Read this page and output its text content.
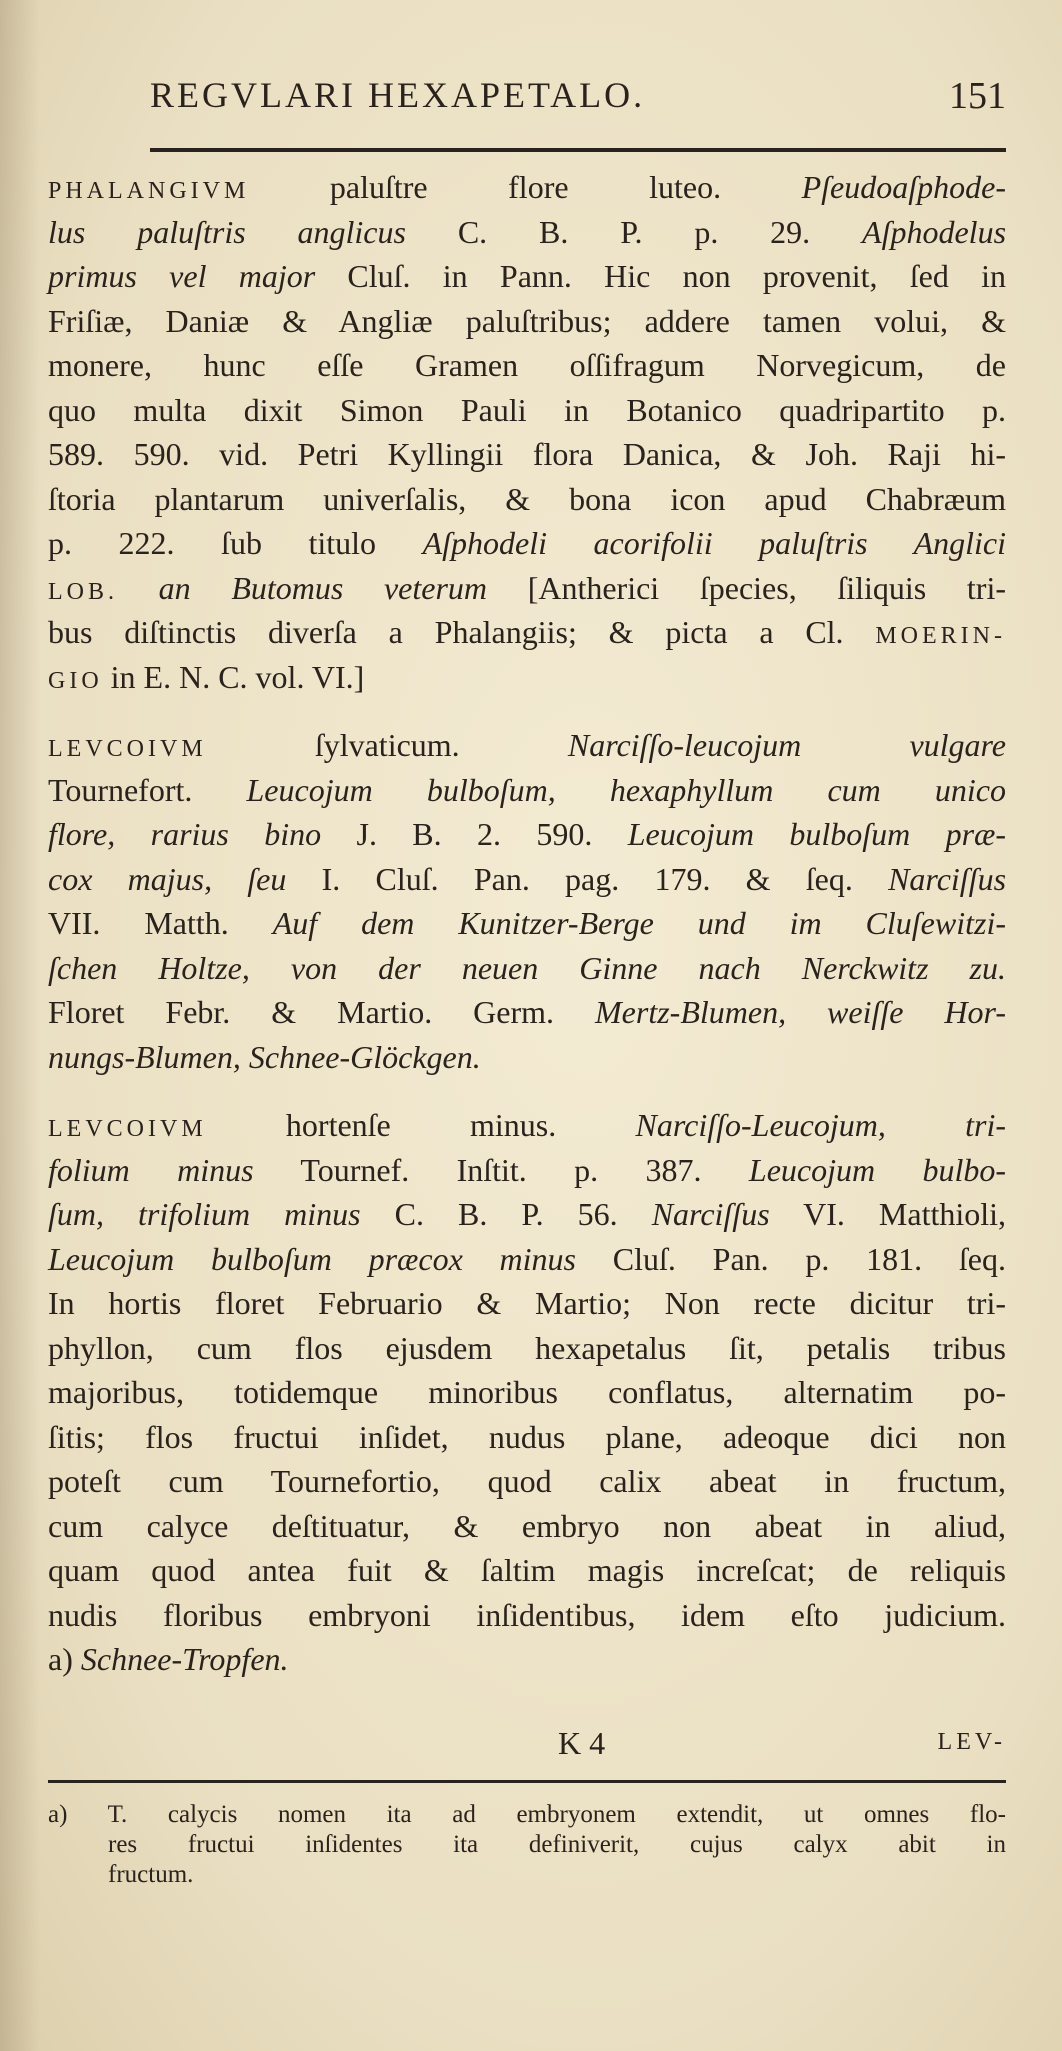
REGVLARI HEXAPETALO.	151
PHALANGIVM paluſtre flore luteo. Pſeudoaſphode-
lus paluſtris anglicus C. B. P. p. 29. Aſphodelus
primus vel major Cluſ. in Pann. Hic non provenit, ſed in
Friſiæ, Daniæ & Angliæ paluſtribus; addere tamen volui, &
monere, hunc eſſe Gramen oſſifragum Norvegicum, de
quo multa dixit Simon Pauli in Botanico quadripartito p.
589. 590. vid. Petri Kyllingii flora Danica, & Joh. Raji hi-
ſtoria plantarum univerſalis, & bona icon apud Chabræum
p. 222. ſub titulo Aſphodeli acorifolii paluſtris Anglici
LOB. an Butomus veterum [Antherici ſpecies, ſiliquis tri-
bus diſtinctis diverſa a Phalangiis; & picta a Cl. MOERIN-
GIO in E. N. C. vol. VI.]
LEVCOIVM ſylvaticum. Narciſſo-leucojum vulgare
Tournefort. Leucojum bulboſum, hexaphyllum cum unico
flore, rarius bino J. B. 2. 590. Leucojum bulboſum præ-
cox majus, ſeu I. Cluſ. Pan. pag. 179. & ſeq. Narciſſus
VII. Matth. Auf dem Kunitzer-Berge und im Cluſewitzi-
ſchen Holtze, von der neuen Ginne nach Nerckwitz zu.
Floret Febr. & Martio. Germ. Mertz-Blumen, weiſſe Hor-
nungs-Blumen, Schnee-Glöckgen.
LEVCOIVM hortenſe minus. Narciſſo-Leucojum, tri-
folium minus Tournef. Inſtit. p. 387. Leucojum bulbo-
ſum, trifolium minus C. B. P. 56. Narciſſus VI. Matthioli,
Leucojum bulboſum præcox minus Cluſ. Pan. p. 181. ſeq.
In hortis floret Februario & Martio; Non recte dicitur tri-
phyllon, cum flos ejusdem hexapetalus ſit, petalis tribus
majoribus, totidemque minoribus conflatus, alternatim po-
ſitis; flos fructui inſidet, nudus plane, adeoque dici non
poteſt cum Tournefortio, quod calix abeat in fructum,
cum calyce deſtituatur, & embryo non abeat in aliud,
quam quod antea fuit & ſaltim magis increſcat; de reliquis
nudis floribus embryoni inſidentibus, idem eſto judicium.
a) Schnee-Tropfen.
K 4	LEV-
a) T. calycis nomen ita ad embryonem extendit, ut omnes flo-
res fructui inſidentes ita definiverit, cujus calyx abit in
fructum.
